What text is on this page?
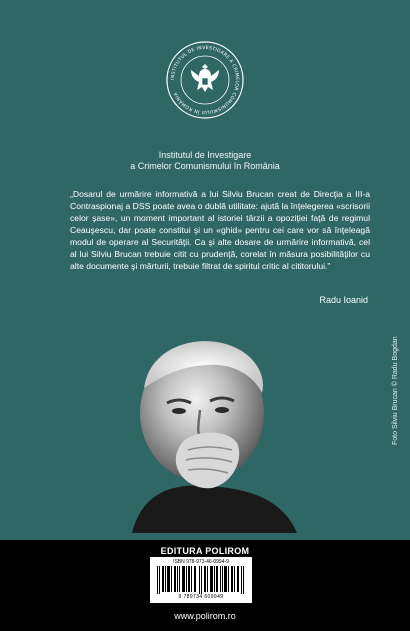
INSTITUTUL DE INVESTIGARE A CRIMELOR COMUNISMULUI ÎN ROMÂNIA
Institutul de Investigare
a Crimelor Comunismului în România
„Dosarul de urmărire informativă a lui Silviu Brucan creat de Direcţia a III-a Contraspionaj a DSS poate avea o dublă utilitate: ajută la înţelegerea «scrisorii celor şase», un moment important al istoriei târzii a opoziţiei faţă de regimul Ceauşescu, dar poate constitui şi un «ghid» pentru cei care vor să înţeleagă modul de operare al Securităţii. Ca şi alte dosare de urmărire informativă, cel al lui Silviu Brucan trebuie citit cu prudenţă, corelat în măsura posibilităţilor cu alte documente şi mărturii, trebuie filtrat de spiritul critic al cititorului.”
Radu Ioanid
Foto Silviu Brucan © Radu Bogdan
EDITURA POLIROM
ISBN 978-973-46-0994-9
9 789734 609949
www.polirom.ro
